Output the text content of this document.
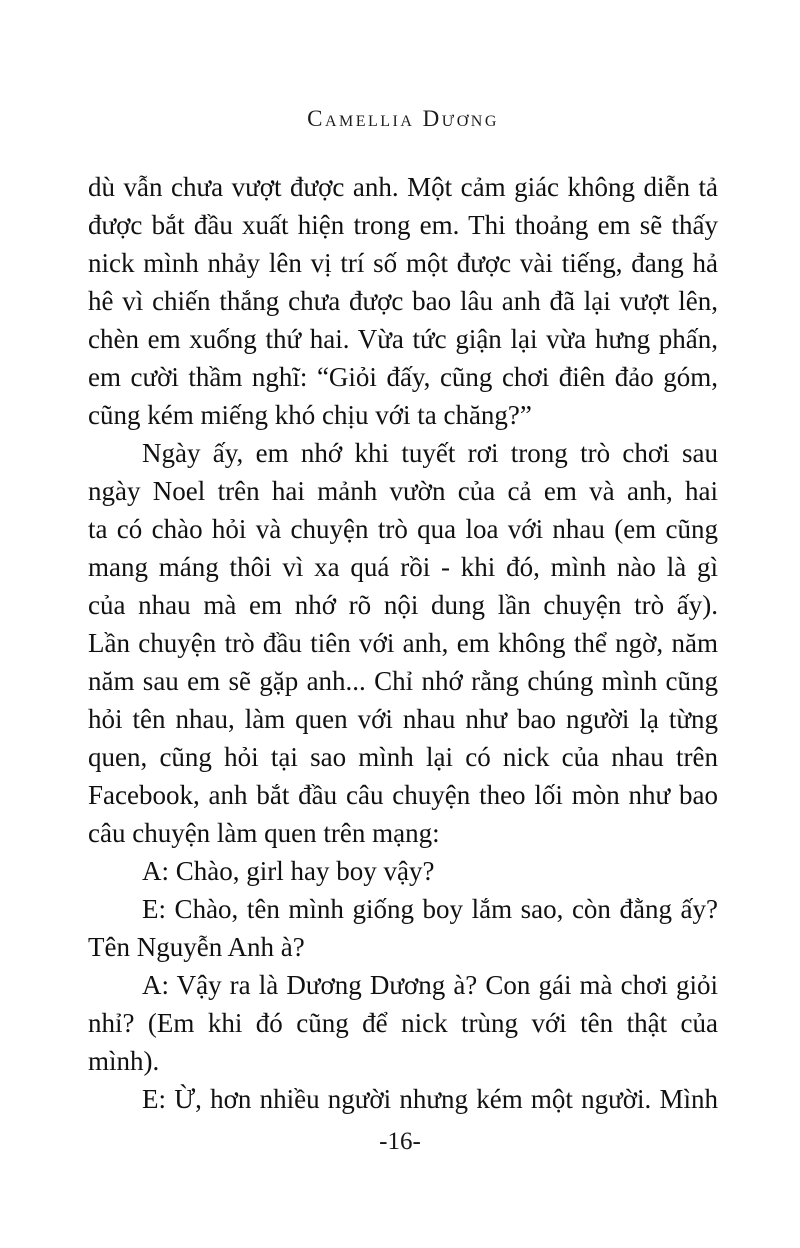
Camellia Dương
dù vẫn chưa vượt được anh. Một cảm giác không diễn tả
được bắt đầu xuất hiện trong em. Thi thoảng em sẽ thấy
nick mình nhảy lên vị trí số một được vài tiếng, đang hả
hê vì chiến thắng chưa được bao lâu anh đã lại vượt lên,
chèn em xuống thứ hai. Vừa tức giận lại vừa hưng phấn,
em cười thầm nghĩ: “Giỏi đấy, cũng chơi điên đảo góm,
cũng kém miếng khó chịu với ta chăng?”
Ngày ấy, em nhớ khi tuyết rơi trong trò chơi sau
ngày Noel trên hai mảnh vườn của cả em và anh, hai
ta có chào hỏi và chuyện trò qua loa với nhau (em cũng
mang máng thôi vì xa quá rồi - khi đó, mình nào là gì
của nhau mà em nhớ rõ nội dung lần chuyện trò ấy).
Lần chuyện trò đầu tiên với anh, em không thể ngờ, năm
năm sau em sẽ gặp anh... Chỉ nhớ rằng chúng mình cũng
hỏi tên nhau, làm quen với nhau như bao người lạ từng
quen, cũng hỏi tại sao mình lại có nick của nhau trên
Facebook, anh bắt đầu câu chuyện theo lối mòn như bao
câu chuyện làm quen trên mạng:
A: Chào, girl hay boy vậy?
E: Chào, tên mình giống boy lắm sao, còn đằng ấy?
Tên Nguyễn Anh à?
A: Vậy ra là Dương Dương à? Con gái mà chơi giỏi
nhỉ? (Em khi đó cũng để nick trùng với tên thật của
mình).
E: Ừ, hơn nhiều người nhưng kém một người. Mình
-16-
